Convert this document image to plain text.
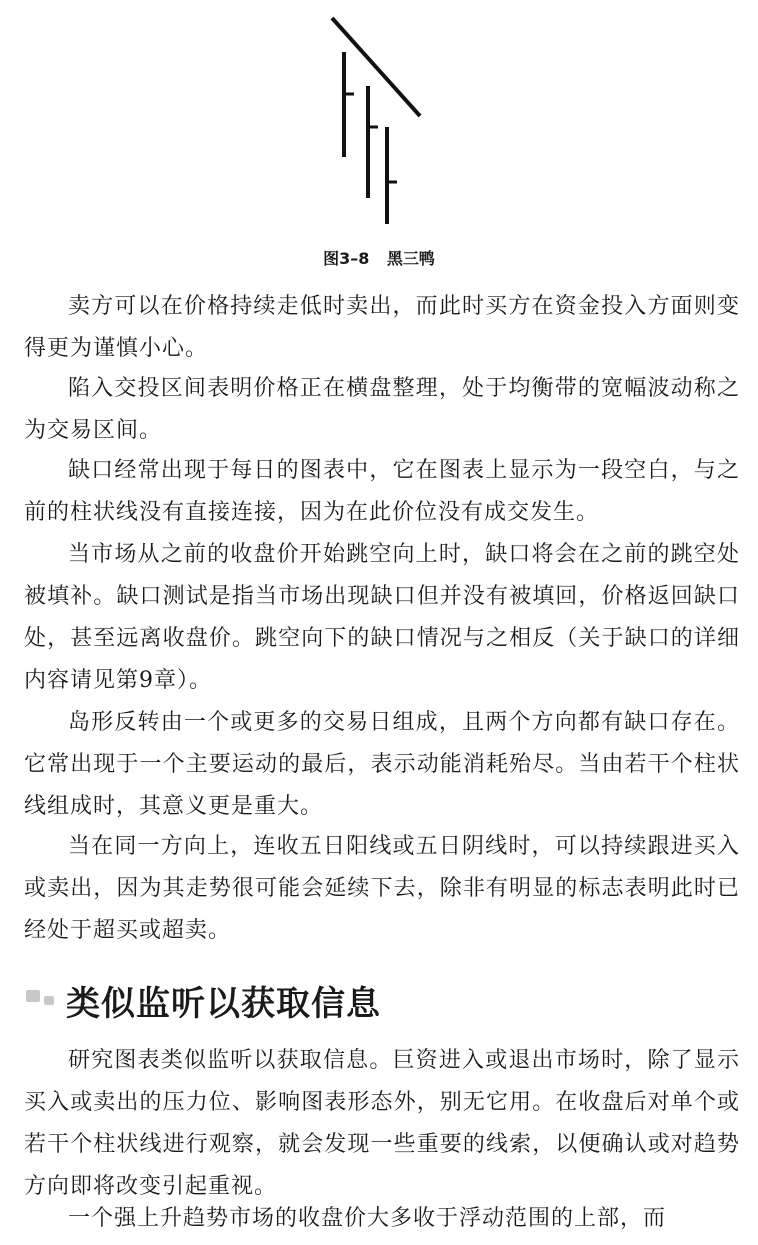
图3–8 黑三鸭

卖方可以在价格持续走低时卖出，而此时买方在资金投入方面则变得更为谨慎小心。

陷入交投区间表明价格正在横盘整理，处于均衡带的宽幅波动称之为交易区间。

缺口经常出现于每日的图表中，它在图表上显示为一段空白，与之前的柱状线没有直接连接，因为在此价位没有成交发生。

当市场从之前的收盘价开始跳空向上时，缺口将会在之前的跳空处被填补。缺口测试是指当市场出现缺口但并没有被填回，价格返回缺口处，甚至远离收盘价。跳空向下的缺口情况与之相反（关于缺口的详细内容请见第9章）。

岛形反转由一个或更多的交易日组成，且两个方向都有缺口存在。它常出现于一个主要运动的最后，表示动能消耗殆尽。当由若干个柱状线组成时，其意义更是重大。

当在同一方向上，连收五日阳线或五日阴线时，可以持续跟进买入或卖出，因为其走势很可能会延续下去，除非有明显的标志表明此时已经处于超买或超卖。

类似监听以获取信息

研究图表类似监听以获取信息。巨资进入或退出市场时，除了显示买入或卖出的压力位、影响图表形态外，别无它用。在收盘后对单个或若干个柱状线进行观察，就会发现一些重要的线索，以便确认或对趋势方向即将改变引起重视。

一个强上升趋势市场的收盘价大多收于浮动范围的上部，而
